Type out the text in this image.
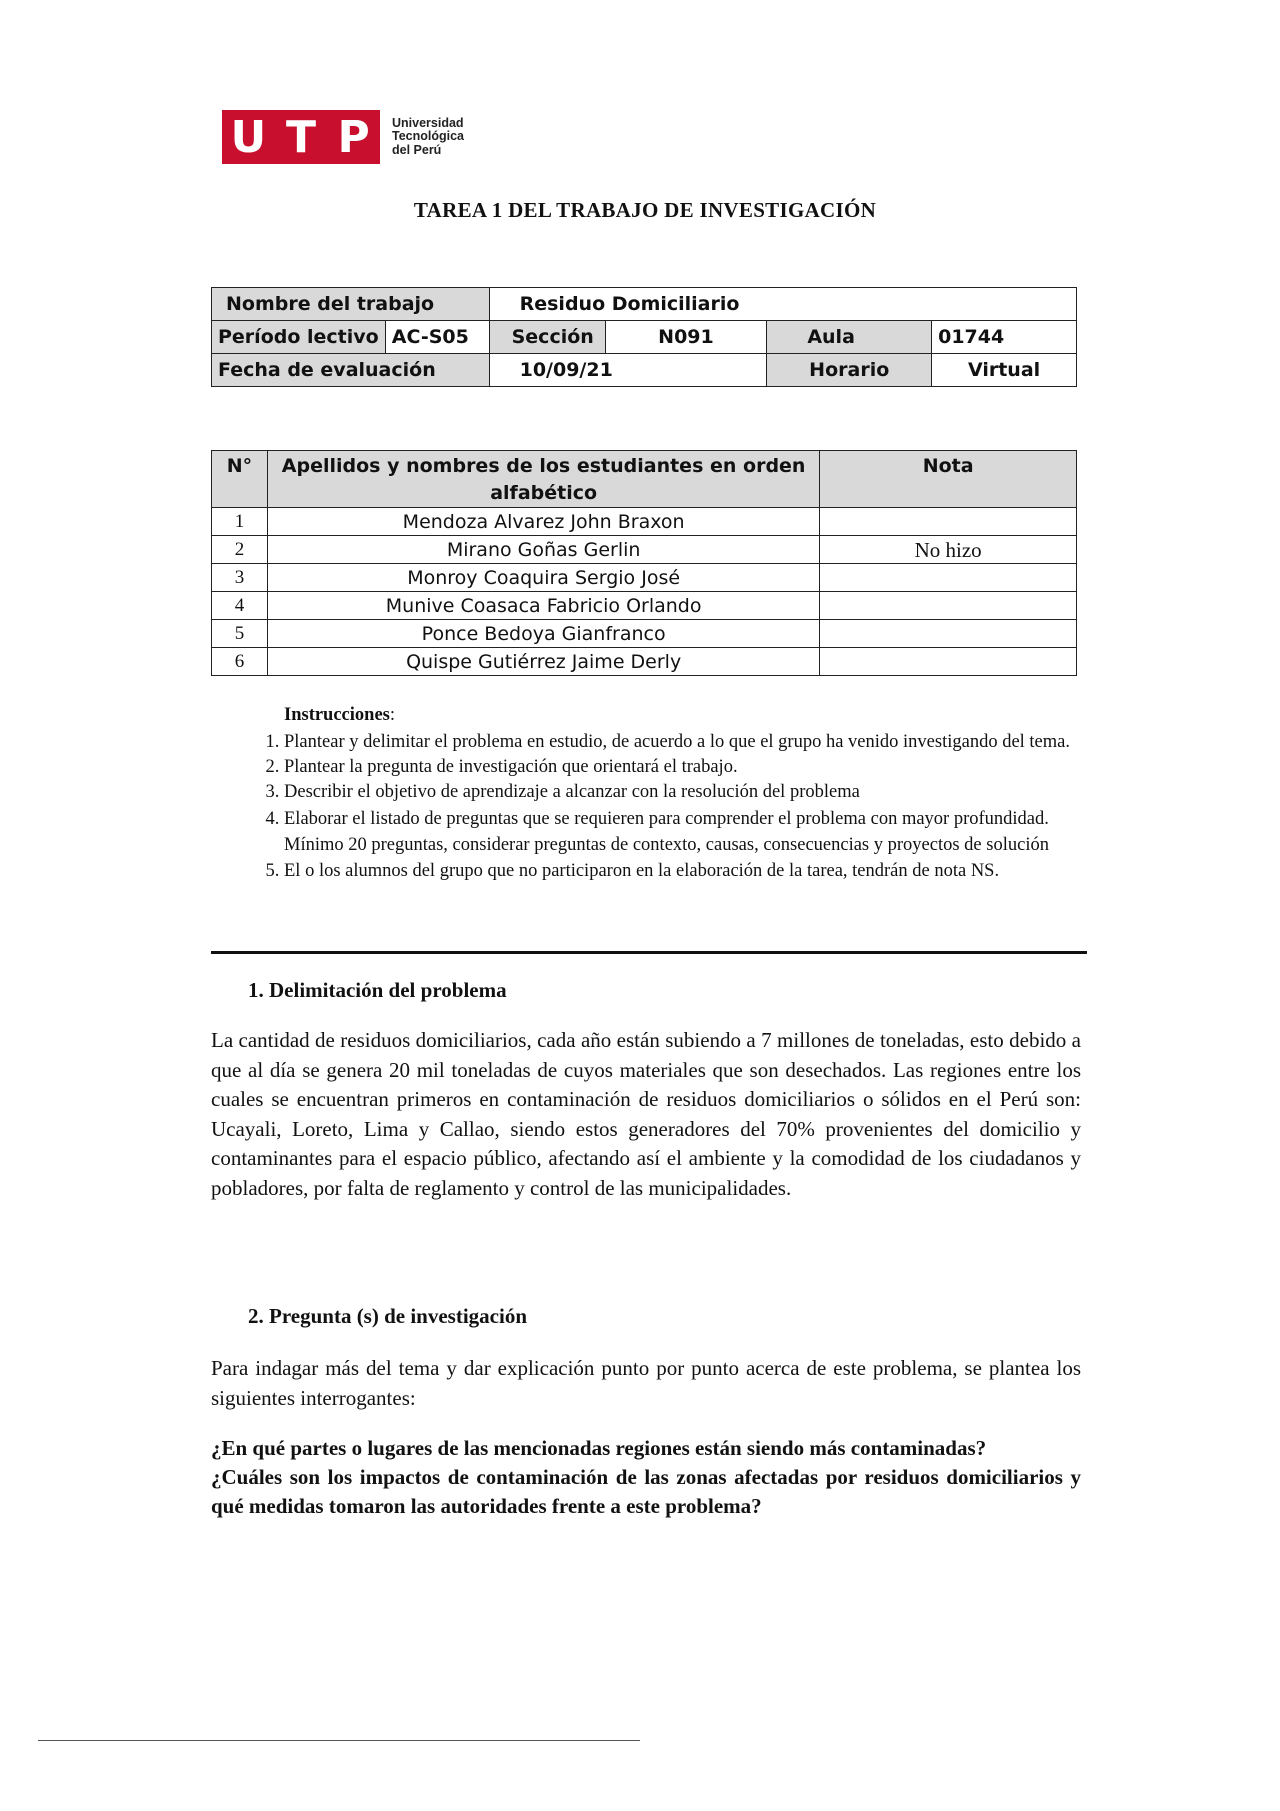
U T P	Universidad
Tecnológica
del Perú
TAREA 1 DEL TRABAJO DE INVESTIGACIÓN
Nombre del trabajo		Residuo Domiciliario			
Período lectivo	AC-S05	Sección	N091	Aula	01744
Fecha de evaluación		10/09/21		Horario	Virtual
N°	Apellidos y nombres de los estudiantes en orden alfabético	Nota
1	Mendoza Alvarez John Braxon	
2	Mirano Goñas Gerlin	No hizo
3	Monroy Coaquira Sergio José	
4	Munive Coasaca Fabricio Orlando	
5	Ponce Bedoya Gianfranco	
6	Quispe Gutiérrez Jaime Derly	
Instrucciones:
1. Plantear y delimitar el problema en estudio, de acuerdo a lo que el grupo ha venido investigando del tema.
2. Plantear la pregunta de investigación que orientará el trabajo.
3. Describir el objetivo de aprendizaje a alcanzar con la resolución del problema
4. Elaborar el listado de preguntas que se requieren para comprender el problema con mayor profundidad. Mínimo 20 preguntas, considerar preguntas de contexto, causas, consecuencias y proyectos de solución
5. El o los alumnos del grupo que no participaron en la elaboración de la tarea, tendrán de nota NS.
1. Delimitación del problema
La cantidad de residuos domiciliarios, cada año están subiendo a 7 millones de toneladas, esto debido a que al día se genera 20 mil toneladas de cuyos materiales que son desechados. Las regiones entre los cuales se encuentran primeros en contaminación de residuos domiciliarios o sólidos en el Perú son: Ucayali, Loreto, Lima y Callao, siendo estos generadores del 70% provenientes del domicilio y contaminantes para el espacio público, afectando así el ambiente y la comodidad de los ciudadanos y pobladores, por falta de reglamento y control de las municipalidades.
2. Pregunta (s) de investigación
Para indagar más del tema y dar explicación punto por punto acerca de este problema, se plantea los siguientes interrogantes:

¿En qué partes o lugares de las mencionadas regiones están siendo más contaminadas?

¿Cuáles son los impactos de contaminación de las zonas afectadas por residuos domiciliarios y qué medidas tomaron las autoridades frente a este problema?
